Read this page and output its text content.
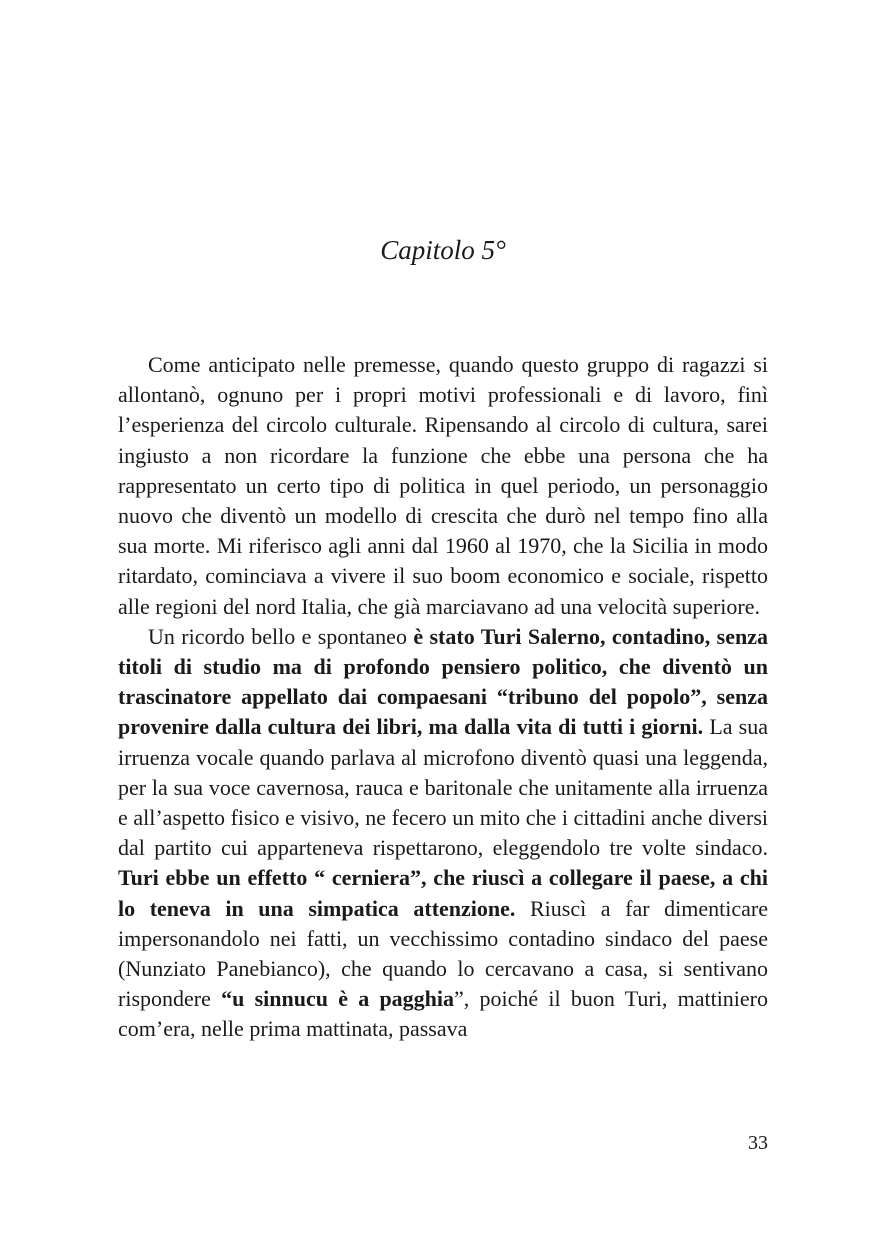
Capitolo 5°

Come anticipato nelle premesse, quando questo gruppo di ragazzi si allontanò, ognuno per i propri motivi professionali e di lavoro, finì l’esperienza del circolo culturale. Ripensando al circolo di cultura, sarei ingiusto a non ricordare la funzione che ebbe una persona che ha rappresentato un certo tipo di politica in quel periodo, un personaggio nuovo che diventò un modello di crescita che durò nel tempo fino alla sua morte. Mi riferisco agli anni dal 1960 al 1970, che la Sicilia in modo ritardato, cominciava a vivere il suo boom economico e sociale, rispetto alle regioni del nord Italia, che già marciavano ad una velocità superiore.

Un ricordo bello e spontaneo è stato Turi Salerno, contadino, senza titoli di studio ma di profondo pensiero politico, che diventò un trascinatore appellato dai compaesani “tribuno del popolo”, senza provenire dalla cultura dei libri, ma dalla vita di tutti i giorni. La sua irruenza vocale quando parlava al microfono diventò quasi una leggenda, per la sua voce cavernosa, rauca e baritonale che unitamente alla irruenza e all’aspetto fisico e visivo, ne fecero un mito che i cittadini anche diversi dal partito cui apparteneva rispettarono, eleggendolo tre volte sindaco. Turi ebbe un effetto “ cerniera”, che riuscì a collegare il paese, a chi lo teneva in una simpatica attenzione. Riuscì a far dimenticare impersonandolo nei fatti, un vecchissimo contadino sindaco del paese (Nunziato Panebianco), che quando lo cercavano a casa, si sentivano rispondere “u sinnucu è a pagghia”, poiché il buon Turi, mattiniero com’era, nelle prima mattinata, passava

33
